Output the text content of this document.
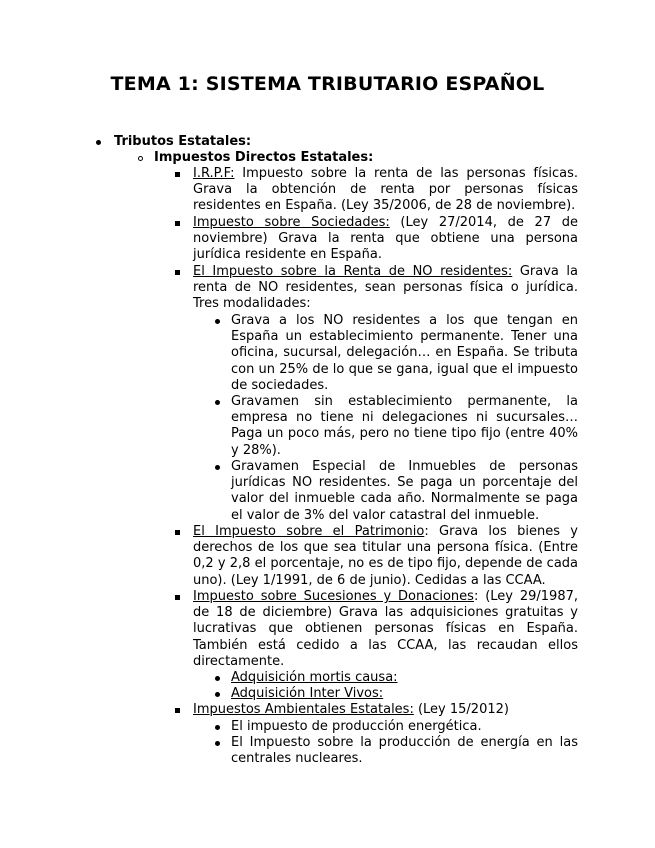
TEMA 1: SISTEMA TRIBUTARIO ESPAÑOL
Tributos Estatales:
Impuestos Directos Estatales:
I.R.P.F: Impuesto sobre la renta de las personas físicas. Grava la obtención de renta por personas físicas residentes en España. (Ley 35/2006, de 28 de noviembre).
Impuesto sobre Sociedades: (Ley 27/2014, de 27 de noviembre) Grava la renta que obtiene una persona jurídica residente en España.
El Impuesto sobre la Renta de NO residentes: Grava la renta de NO residentes, sean personas física o jurídica. Tres modalidades:
Grava a los NO residentes a los que tengan en España un establecimiento permanente. Tener una oficina, sucursal, delegación… en España. Se tributa con un 25% de lo que se gana, igual que el impuesto de sociedades.
Gravamen sin establecimiento permanente, la empresa no tiene ni delegaciones ni sucursales… Paga un poco más, pero no tiene tipo fijo (entre 40% y 28%).
Gravamen Especial de Inmuebles de personas jurídicas NO residentes. Se paga un porcentaje del valor del inmueble cada año. Normalmente se paga el valor de 3% del valor catastral del inmueble.
El Impuesto sobre el Patrimonio: Grava los bienes y derechos de los que sea titular una persona física. (Entre 0,2 y 2,8 el porcentaje, no es de tipo fijo, depende de cada uno). (Ley 1/1991, de 6 de junio). Cedidas a las CCAA.
Impuesto sobre Sucesiones y Donaciones: (Ley 29/1987, de 18 de diciembre) Grava las adquisiciones gratuitas y lucrativas que obtienen personas físicas en España. También está cedido a las CCAA, las recaudan ellos directamente.
Adquisición mortis causa:
Adquisición Inter Vivos:
Impuestos Ambientales Estatales: (Ley 15/2012)
El impuesto de producción energética.
El Impuesto sobre la producción de energía en las centrales nucleares.
